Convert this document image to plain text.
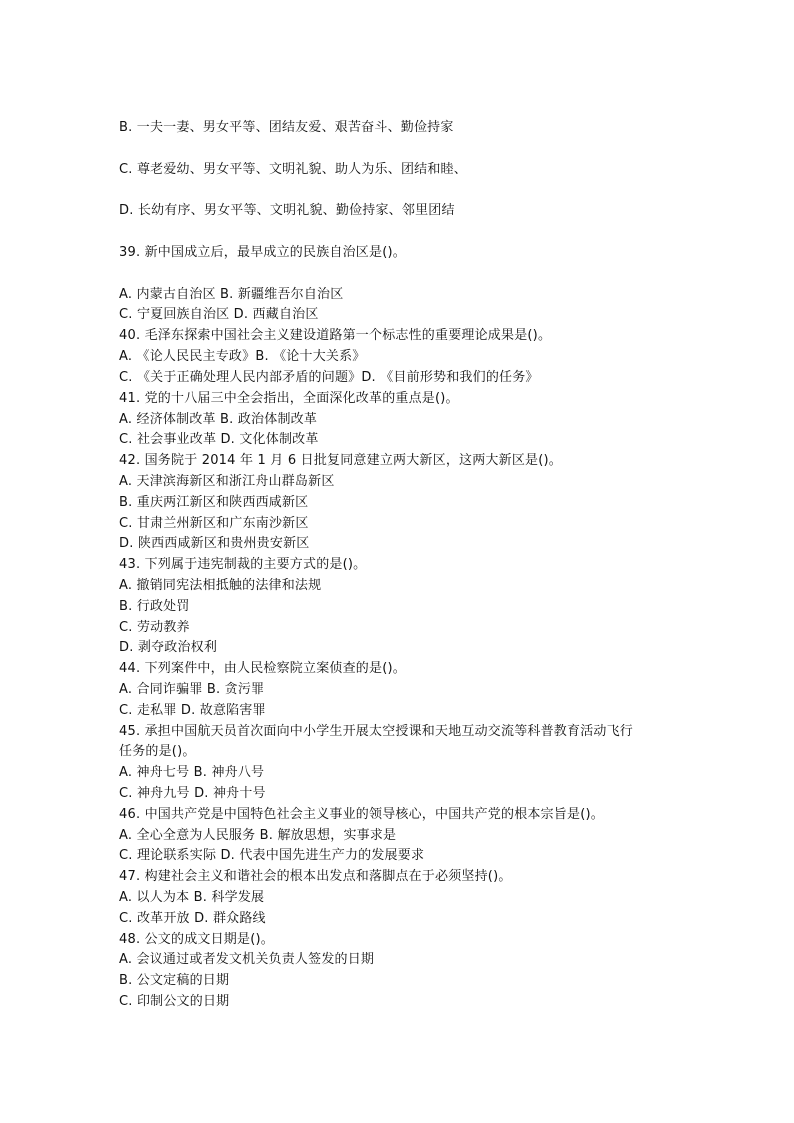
B. 一夫一妻、男女平等、团结友爱、艰苦奋斗、勤俭持家
C. 尊老爱幼、男女平等、文明礼貌、助人为乐、团结和睦、
D. 长幼有序、男女平等、文明礼貌、勤俭持家、邻里团结
39. 新中国成立后，最早成立的民族自治区是()。
A. 内蒙古自治区 B. 新疆维吾尔自治区
C. 宁夏回族自治区 D. 西藏自治区
40. 毛泽东探索中国社会主义建设道路第一个标志性的重要理论成果是()。
A. 《论人民民主专政》B. 《论十大关系》
C. 《关于正确处理人民内部矛盾的问题》D. 《目前形势和我们的任务》
41. 党的十八届三中全会指出，全面深化改革的重点是()。
A. 经济体制改革 B. 政治体制改革
C. 社会事业改革 D. 文化体制改革
42. 国务院于 2014 年 1 月 6 日批复同意建立两大新区，这两大新区是()。
A. 天津滨海新区和浙江舟山群岛新区
B. 重庆两江新区和陕西西咸新区
C. 甘肃兰州新区和广东南沙新区
D. 陕西西咸新区和贵州贵安新区
43. 下列属于违宪制裁的主要方式的是()。
A. 撤销同宪法相抵触的法律和法规
B. 行政处罚
C. 劳动教养
D. 剥夺政治权利
44. 下列案件中，由人民检察院立案侦查的是()。
A. 合同诈骗罪 B. 贪污罪
C. 走私罪 D. 故意陷害罪
45. 承担中国航天员首次面向中小学生开展太空授课和天地互动交流等科普教育活动飞行
任务的是()。
A. 神舟七号 B. 神舟八号
C. 神舟九号 D. 神舟十号
46. 中国共产党是中国特色社会主义事业的领导核心，中国共产党的根本宗旨是()。
A. 全心全意为人民服务 B. 解放思想，实事求是
C. 理论联系实际 D. 代表中国先进生产力的发展要求
47. 构建社会主义和谐社会的根本出发点和落脚点在于必须坚持()。
A. 以人为本 B. 科学发展
C. 改革开放 D. 群众路线
48. 公文的成文日期是()。
A. 会议通过或者发文机关负责人签发的日期
B. 公文定稿的日期
C. 印制公文的日期
